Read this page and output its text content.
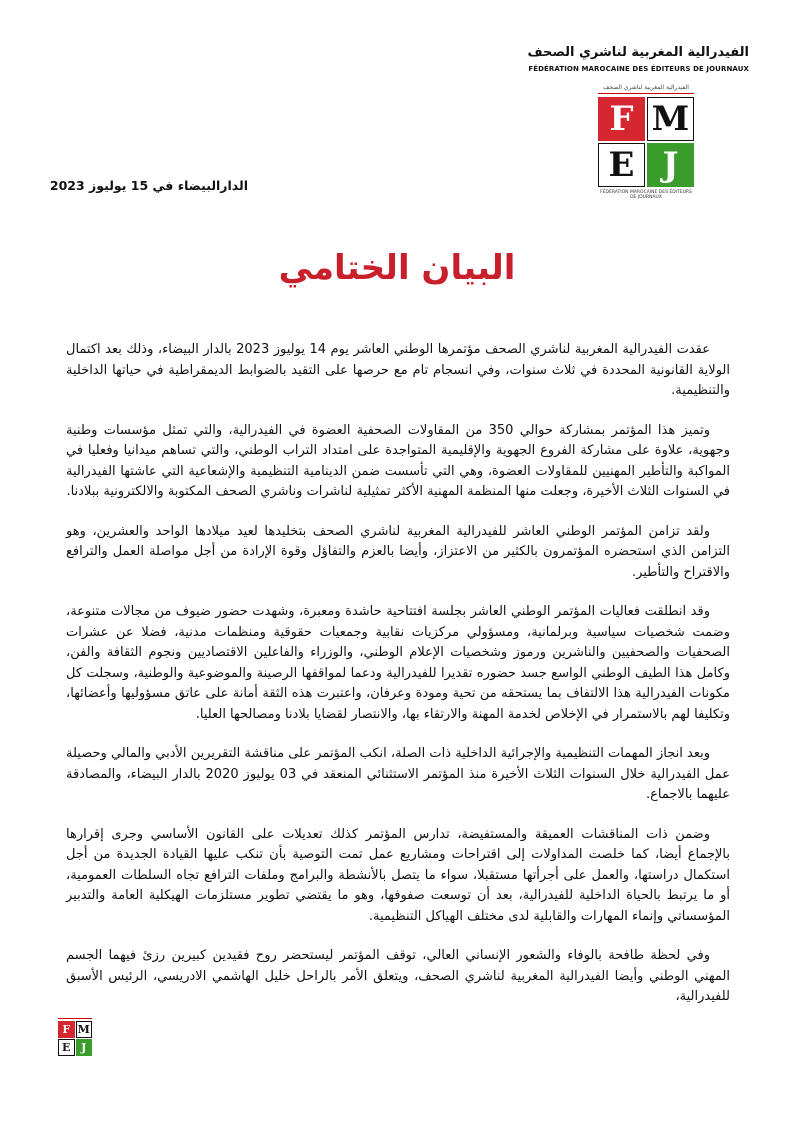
الفيدرالية المغربية لناشري الصحف
FÉDÉRATION MAROCAINE DES ÉDITEURS DE JOURNAUX
الفيدرالية المغربية لناشري الصحف
F M
E J
FÉDÉRATION MAROCAINE DES ÉDITEURS DE JOURNAUX
الدارالبيضاء في 15 يوليوز 2023
البيان الختامي

عقدت الفيدرالية المغربية لناشري الصحف مؤتمرها الوطني العاشر يوم 14 يوليوز 2023 بالدار البيضاء، وذلك بعد اكتمال الولاية القانونية المحددة في ثلاث سنوات، وفي انسجام تام مع حرصها على التقيد بالضوابط الديمقراطية في حياتها الداخلية والتنظيمية.

وتميز هذا المؤتمر بمشاركة حوالي 350 من المقاولات الصحفية العضوة في الفيدرالية، والتي تمثل مؤسسات وطنية وجهوية، علاوة على مشاركة الفروع الجهوية والإقليمية المتواجدة على امتداد التراب الوطني، والتي تساهم ميدانيا وفعليا في المواكبة والتأطير المهنيين للمقاولات العضوة، وهي التي تأسست ضمن الدينامية التنظيمية والإشعاعية التي عاشتها الفيدرالية في السنوات الثلاث الأخيرة، وجعلت منها المنظمة المهنية الأكثر تمثيلية لناشرات وناشري الصحف المكتوبة والالكترونية ببلادنا.

ولقد تزامن المؤتمر الوطني العاشر للفيدرالية المغربية لناشري الصحف بتخليدها لعيد ميلادها الواحد والعشرين، وهو التزامن الذي استحضره المؤتمرون بالكثير من الاعتزاز، وأيضا بالعزم والتفاؤل وقوة الإرادة من أجل مواصلة العمل والترافع والاقتراح والتأطير.

وقد انطلقت فعاليات المؤتمر الوطني العاشر بجلسة افتتاحية حاشدة ومعبرة، وشهدت حضور ضيوف من مجالات متنوعة، وضمت شخصيات سياسية وبرلمانية، ومسؤولي مركزيات نقابية وجمعيات حقوقية ومنظمات مدنية، فضلا عن عشرات الصحفيات والصحفيين والناشرين ورموز وشخصيات الإعلام الوطني، والوزراء والفاعلين الاقتصاديين ونجوم الثقافة والفن، وكامل هذا الطيف الوطني الواسع جسد حضوره تقديرا للفيدرالية ودعما لمواقفها الرصينة والموضوعية والوطنية، وسجلت كل مكونات الفيدرالية هذا الالتفاف بما يستحقه من تحية ومودة وعرفان، واعتبرت هذه الثقة أمانة على عاتق مسؤوليها وأعضائها، وتكليفا لهم بالاستمرار في الإخلاص لخدمة المهنة والارتقاء بها، والانتصار لقضايا بلادنا ومصالحها العليا.

وبعد انجاز المهمات التنظيمية والإجرائية الداخلية ذات الصلة، انكب المؤتمر على مناقشة التقريرين الأدبي والمالي وحصيلة عمل الفيدرالية خلال السنوات الثلاث الأخيرة منذ المؤتمر الاستثنائي المنعقد في 03 يوليوز 2020 بالدار البيضاء، والمصادقة عليهما بالاجماع.

وضمن ذات المناقشات العميقة والمستفيضة، تدارس المؤتمر كذلك تعديلات على القانون الأساسي وجرى إقرارها بالإجماع أيضا، كما خلصت المداولات إلى اقتراحات ومشاريع عمل تمت التوصية بأن تنكب عليها القيادة الجديدة من أجل استكمال دراستها، والعمل على أجرأتها مستقبلا، سواء ما يتصل بالأنشطة والبرامج وملفات الترافع تجاه السلطات العمومية، أو ما يرتبط بالحياة الداخلية للفيدرالية، بعد أن توسعت صفوفها، وهو ما يقتضي تطوير مستلزمات الهيكلية العامة والتدبير المؤسساتي وإنماء المهارات والقابلية لدى مختلف الهياكل التنظيمية.

وفي لحظة طافحة بالوفاء والشعور الإنساني العالي، توقف المؤتمر ليستحضر روح فقيدين كبيرين رزئ فيهما الجسم المهني الوطني وأيضا الفيدرالية المغربية لناشري الصحف، ويتعلق الأمر بالراحل خليل الهاشمي الادريسي، الرئيس الأسبق للفيدرالية،

F M
E J
